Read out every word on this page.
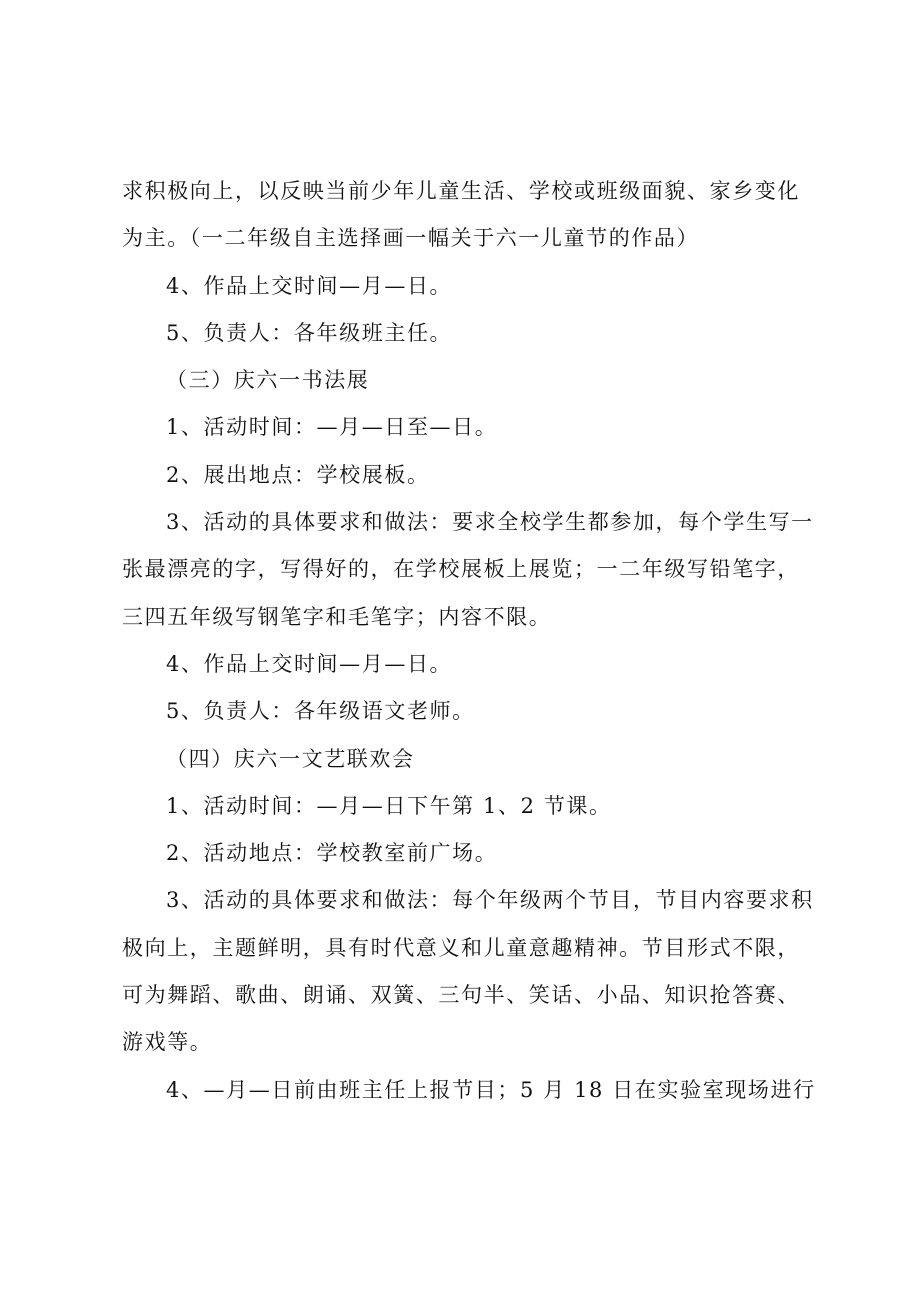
求积极向上，以反映当前少年儿童生活、学校或班级面貌、家乡变化
为主。（一二年级自主选择画一幅关于六一儿童节的作品）
4、作品上交时间—月—日。
5、负责人：各年级班主任。
（三）庆六一书法展
1、活动时间：—月—日至—日。
2、展出地点：学校展板。
3、活动的具体要求和做法：要求全校学生都参加，每个学生写一
张最漂亮的字，写得好的，在学校展板上展览；一二年级写铅笔字，
三四五年级写钢笔字和毛笔字；内容不限。
4、作品上交时间—月—日。
5、负责人：各年级语文老师。
（四）庆六一文艺联欢会
1、活动时间：—月—日下午第 1、2 节课。
2、活动地点：学校教室前广场。
3、活动的具体要求和做法：每个年级两个节目，节目内容要求积
极向上，主题鲜明，具有时代意义和儿童意趣精神。节目形式不限，
可为舞蹈、歌曲、朗诵、双簧、三句半、笑话、小品、知识抢答赛、
游戏等。
4、—月—日前由班主任上报节目；5 月 18 日在实验室现场进行
